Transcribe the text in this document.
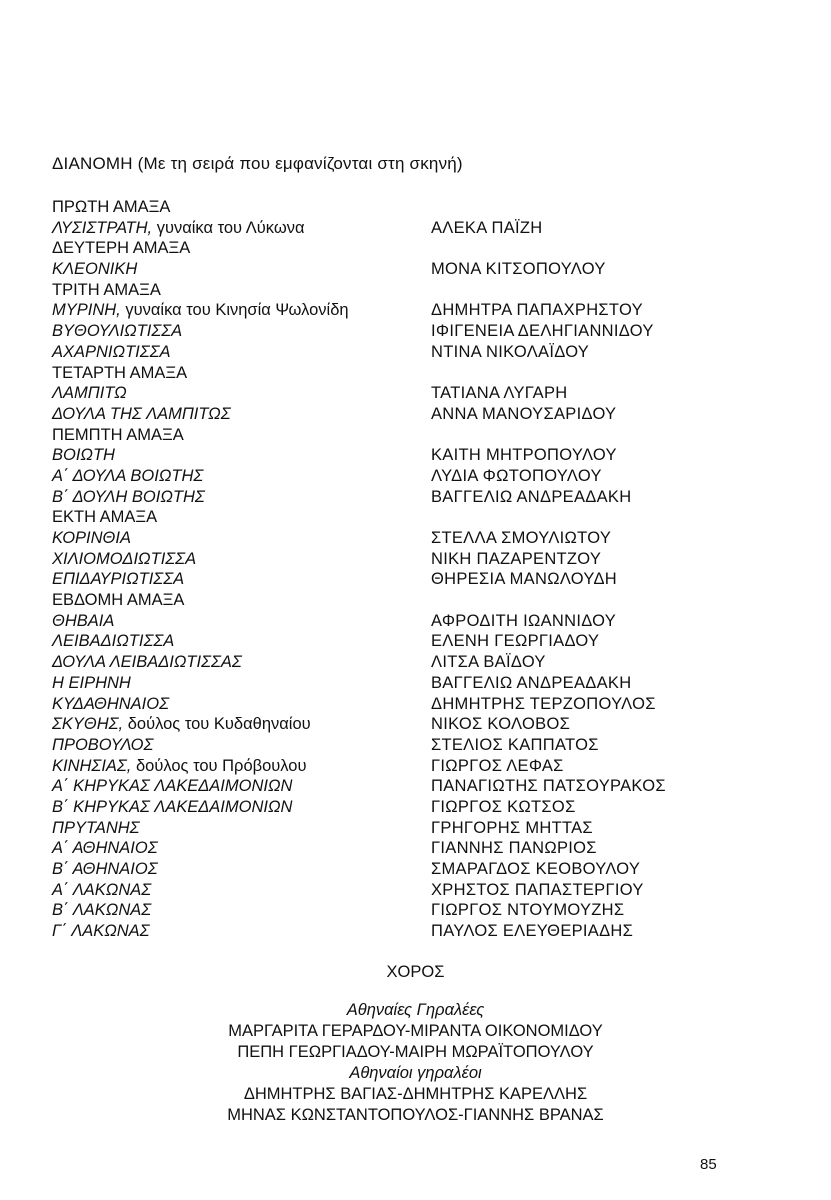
ΔΙΑΝΟΜΗ (Με τη σειρά που εμφανίζονται στη σκηνή)
ΠΡΩΤΗ ΑΜΑΞΑ
ΛΥΣΙΣΤΡΑΤΗ, γυναίκα του Λύκωνα	ΑΛΕΚΑ ΠΑΪΖΗ
ΔΕΥΤΕΡΗ ΑΜΑΞΑ
ΚΛΕΟΝΙΚΗ	ΜΟΝΑ ΚΙΤΣΟΠΟΥΛΟΥ
ΤΡΙΤΗ ΑΜΑΞΑ
ΜΥΡΙΝΗ, γυναίκα του Κινησία Ψωλονίδη	ΔΗΜΗΤΡΑ ΠΑΠΑΧΡΗΣΤΟΥ
ΒΥΘΟΥΛΙΩΤΙΣΣΑ	ΙΦΙΓΕΝΕΙΑ ΔΕΛΗΓΙΑΝΝΙΔΟΥ
ΑΧΑΡΝΙΩΤΙΣΣΑ	ΝΤΙΝΑ ΝΙΚΟΛΑΪΔΟΥ
ΤΕΤΑΡΤΗ ΑΜΑΞΑ
ΛΑΜΠΙΤΩ	ΤΑΤΙΑΝΑ ΛΥΓΑΡΗ
ΔΟΥΛΑ ΤΗΣ ΛΑΜΠΙΤΩΣ	ΑΝΝΑ ΜΑΝΟΥΣΑΡΙΔΟΥ
ΠΕΜΠΤΗ ΑΜΑΞΑ
ΒΟΙΩΤΗ	ΚΑΙΤΗ ΜΗΤΡΟΠΟΥΛΟΥ
Α΄ ΔΟΥΛΑ ΒΟΙΩΤΗΣ	ΛΥΔΙΑ ΦΩΤΟΠΟΥΛΟΥ
Β΄ ΔΟΥΛΗ ΒΟΙΩΤΗΣ	ΒΑΓΓΕΛΙΩ ΑΝΔΡΕΑΔΑΚΗ
ΕΚΤΗ ΑΜΑΞΑ
ΚΟΡΙΝΘΙΑ	ΣΤΕΛΛΑ ΣΜΟΥΛΙΩΤΟΥ
ΧΙΛΙΟΜΟΔΙΩΤΙΣΣΑ	ΝΙΚΗ ΠΑΖΑΡΕΝΤΖΟΥ
ΕΠΙΔΑΥΡΙΩΤΙΣΣΑ	ΘΗΡΕΣΙΑ ΜΑΝΩΛΟΥΔΗ
ΕΒΔΟΜΗ ΑΜΑΞΑ
ΘΗΒΑΙΑ	ΑΦΡΟΔΙΤΗ ΙΩΑΝΝΙΔΟΥ
ΛΕΙΒΑΔΙΩΤΙΣΣΑ	ΕΛΕΝΗ ΓΕΩΡΓΙΑΔΟΥ
ΔΟΥΛΑ ΛΕΙΒΑΔΙΩΤΙΣΣΑΣ	ΛΙΤΣΑ ΒΑΪΔΟΥ
Η ΕΙΡΗΝΗ	ΒΑΓΓΕΛΙΩ ΑΝΔΡΕΑΔΑΚΗ
ΚΥΔΑΘΗΝΑΙΟΣ	ΔΗΜΗΤΡΗΣ ΤΕΡΖΟΠΟΥΛΟΣ
ΣΚΥΘΗΣ, δούλος του Κυδαθηναίου	ΝΙΚΟΣ ΚΟΛΟΒΟΣ
ΠΡΟΒΟΥΛΟΣ	ΣΤΕΛΙΟΣ ΚΑΠΠΑΤΟΣ
ΚΙΝΗΣΙΑΣ, δούλος του Πρόβουλου	ΓΙΩΡΓΟΣ ΛΕΦΑΣ
Α΄ ΚΗΡΥΚΑΣ ΛΑΚΕΔΑΙΜΟΝΙΩΝ	ΠΑΝΑΓΙΩΤΗΣ ΠΑΤΣΟΥΡΑΚΟΣ
Β΄ ΚΗΡΥΚΑΣ ΛΑΚΕΔΑΙΜΟΝΙΩΝ	ΓΙΩΡΓΟΣ ΚΩΤΣΟΣ
ΠΡΥΤΑΝΗΣ	ΓΡΗΓΟΡΗΣ ΜΗΤΤΑΣ
Α΄ ΑΘΗΝΑΙΟΣ	ΓΙΑΝΝΗΣ ΠΑΝΩΡΙΟΣ
Β΄ ΑΘΗΝΑΙΟΣ	ΣΜΑΡΑΓΔΟΣ ΚΕΟΒΟΥΛΟΥ
Α΄ ΛΑΚΩΝΑΣ	ΧΡΗΣΤΟΣ ΠΑΠΑΣΤΕΡΓΙΟΥ
Β΄ ΛΑΚΩΝΑΣ	ΓΙΩΡΓΟΣ ΝΤΟΥΜΟΥΖΗΣ
Γ΄ ΛΑΚΩΝΑΣ	ΠΑΥΛΟΣ ΕΛΕΥΘΕΡΙΑΔΗΣ
ΧΟΡΟΣ
Αθηναίες Γηραλέες
ΜΑΡΓΑΡΙΤΑ ΓΕΡΑΡΔΟΥ-ΜΙΡΑΝΤΑ ΟΙΚΟΝΟΜΙΔΟΥ
ΠΕΠΗ ΓΕΩΡΓΙΑΔΟΥ-ΜΑΙΡΗ ΜΩΡΑΪΤΟΠΟΥΛΟΥ
Αθηναίοι γηραλέοι
ΔΗΜΗΤΡΗΣ ΒΑΓΙΑΣ-ΔΗΜΗΤΡΗΣ ΚΑΡΕΛΛΗΣ
ΜΗΝΑΣ ΚΩΝΣΤΑΝΤΟΠΟΥΛΟΣ-ΓΙΑΝΝΗΣ ΒΡΑΝΑΣ
85
